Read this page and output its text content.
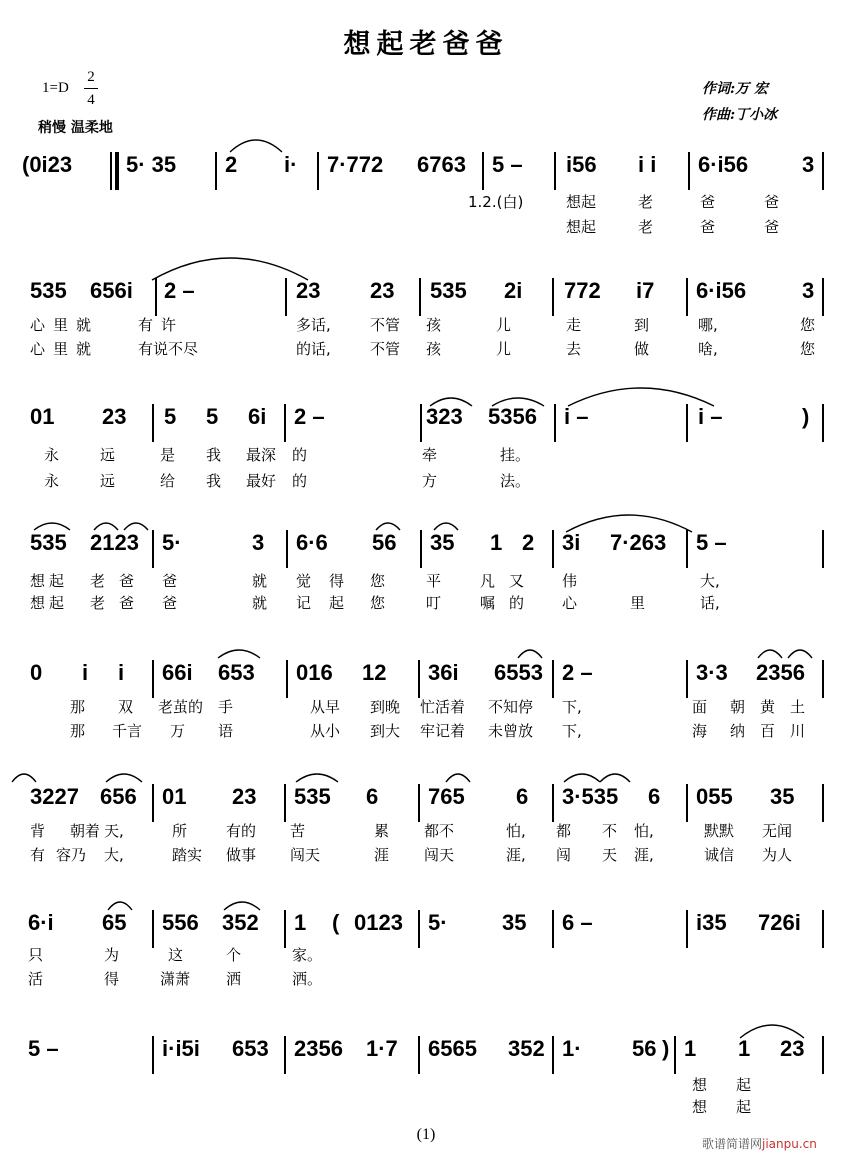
想起老爸爸
1=D
2
4
稍慢 温柔地
作词:万 宏
作曲:丁小冰
(0i23 5· 35 2 i· 7·772 6763 5 – i56 i i 6·i56 3
1.2.(白)	想起	老	爸	爸
想起	老	爸	爸
535 656i 2 –	23 23 535 2i 772 i7 6·i56	3
心里就	有许	多话,	不管 孩	儿	走	到	哪,	您
心里就	有说不尽	的话,	不管 孩	儿	去	做	啥,	您
01 23 5 5 6i 2 –	323 5356 i –	i –	)
永	远	是 我 最深 的	牵	挂。
永	远	给 我 最好 的	方	法。
535 2123 5·	3 6·6 56 35 1 2 3i 7·263 5 –
想起 老爸 爸	就 觉得 您	平	凡又 伟	大,
想起 老爸 爸	就 记起 您	叮	嘱的 心	里	话,
0 i i 66i 653 016 12 36i 6553 2 –	3·3 2356
那 双 老茧的 手	从早 到晚 忙活着 不知停 下,	面 朝 黄 土
那 千言 万 语	从小 到大 牢记着 未曾放 下,	海 纳 百 川
3227 656 01 23 535 6 765 6 3·535 6 055 35
背 朝着 天,	所	有的 苦	累 都不	怕, 都 不 怕,	默默 无闻
有 容乃 大,	踏实 做事 闯天	涯 闯天	涯, 闯 天 涯,	诚信 为人
6·i 65 556 352 1 ( 0123 5· 35 6 –	i35 726i
只	为	这	个	家。
活	得	潇萧 洒	洒。
5 –	i·i5i 653 2356 1·7 6565 352 1· 56 ) 1 1 23
想 起
想 起
(1)
歌谱简谱网jianpu.cn
